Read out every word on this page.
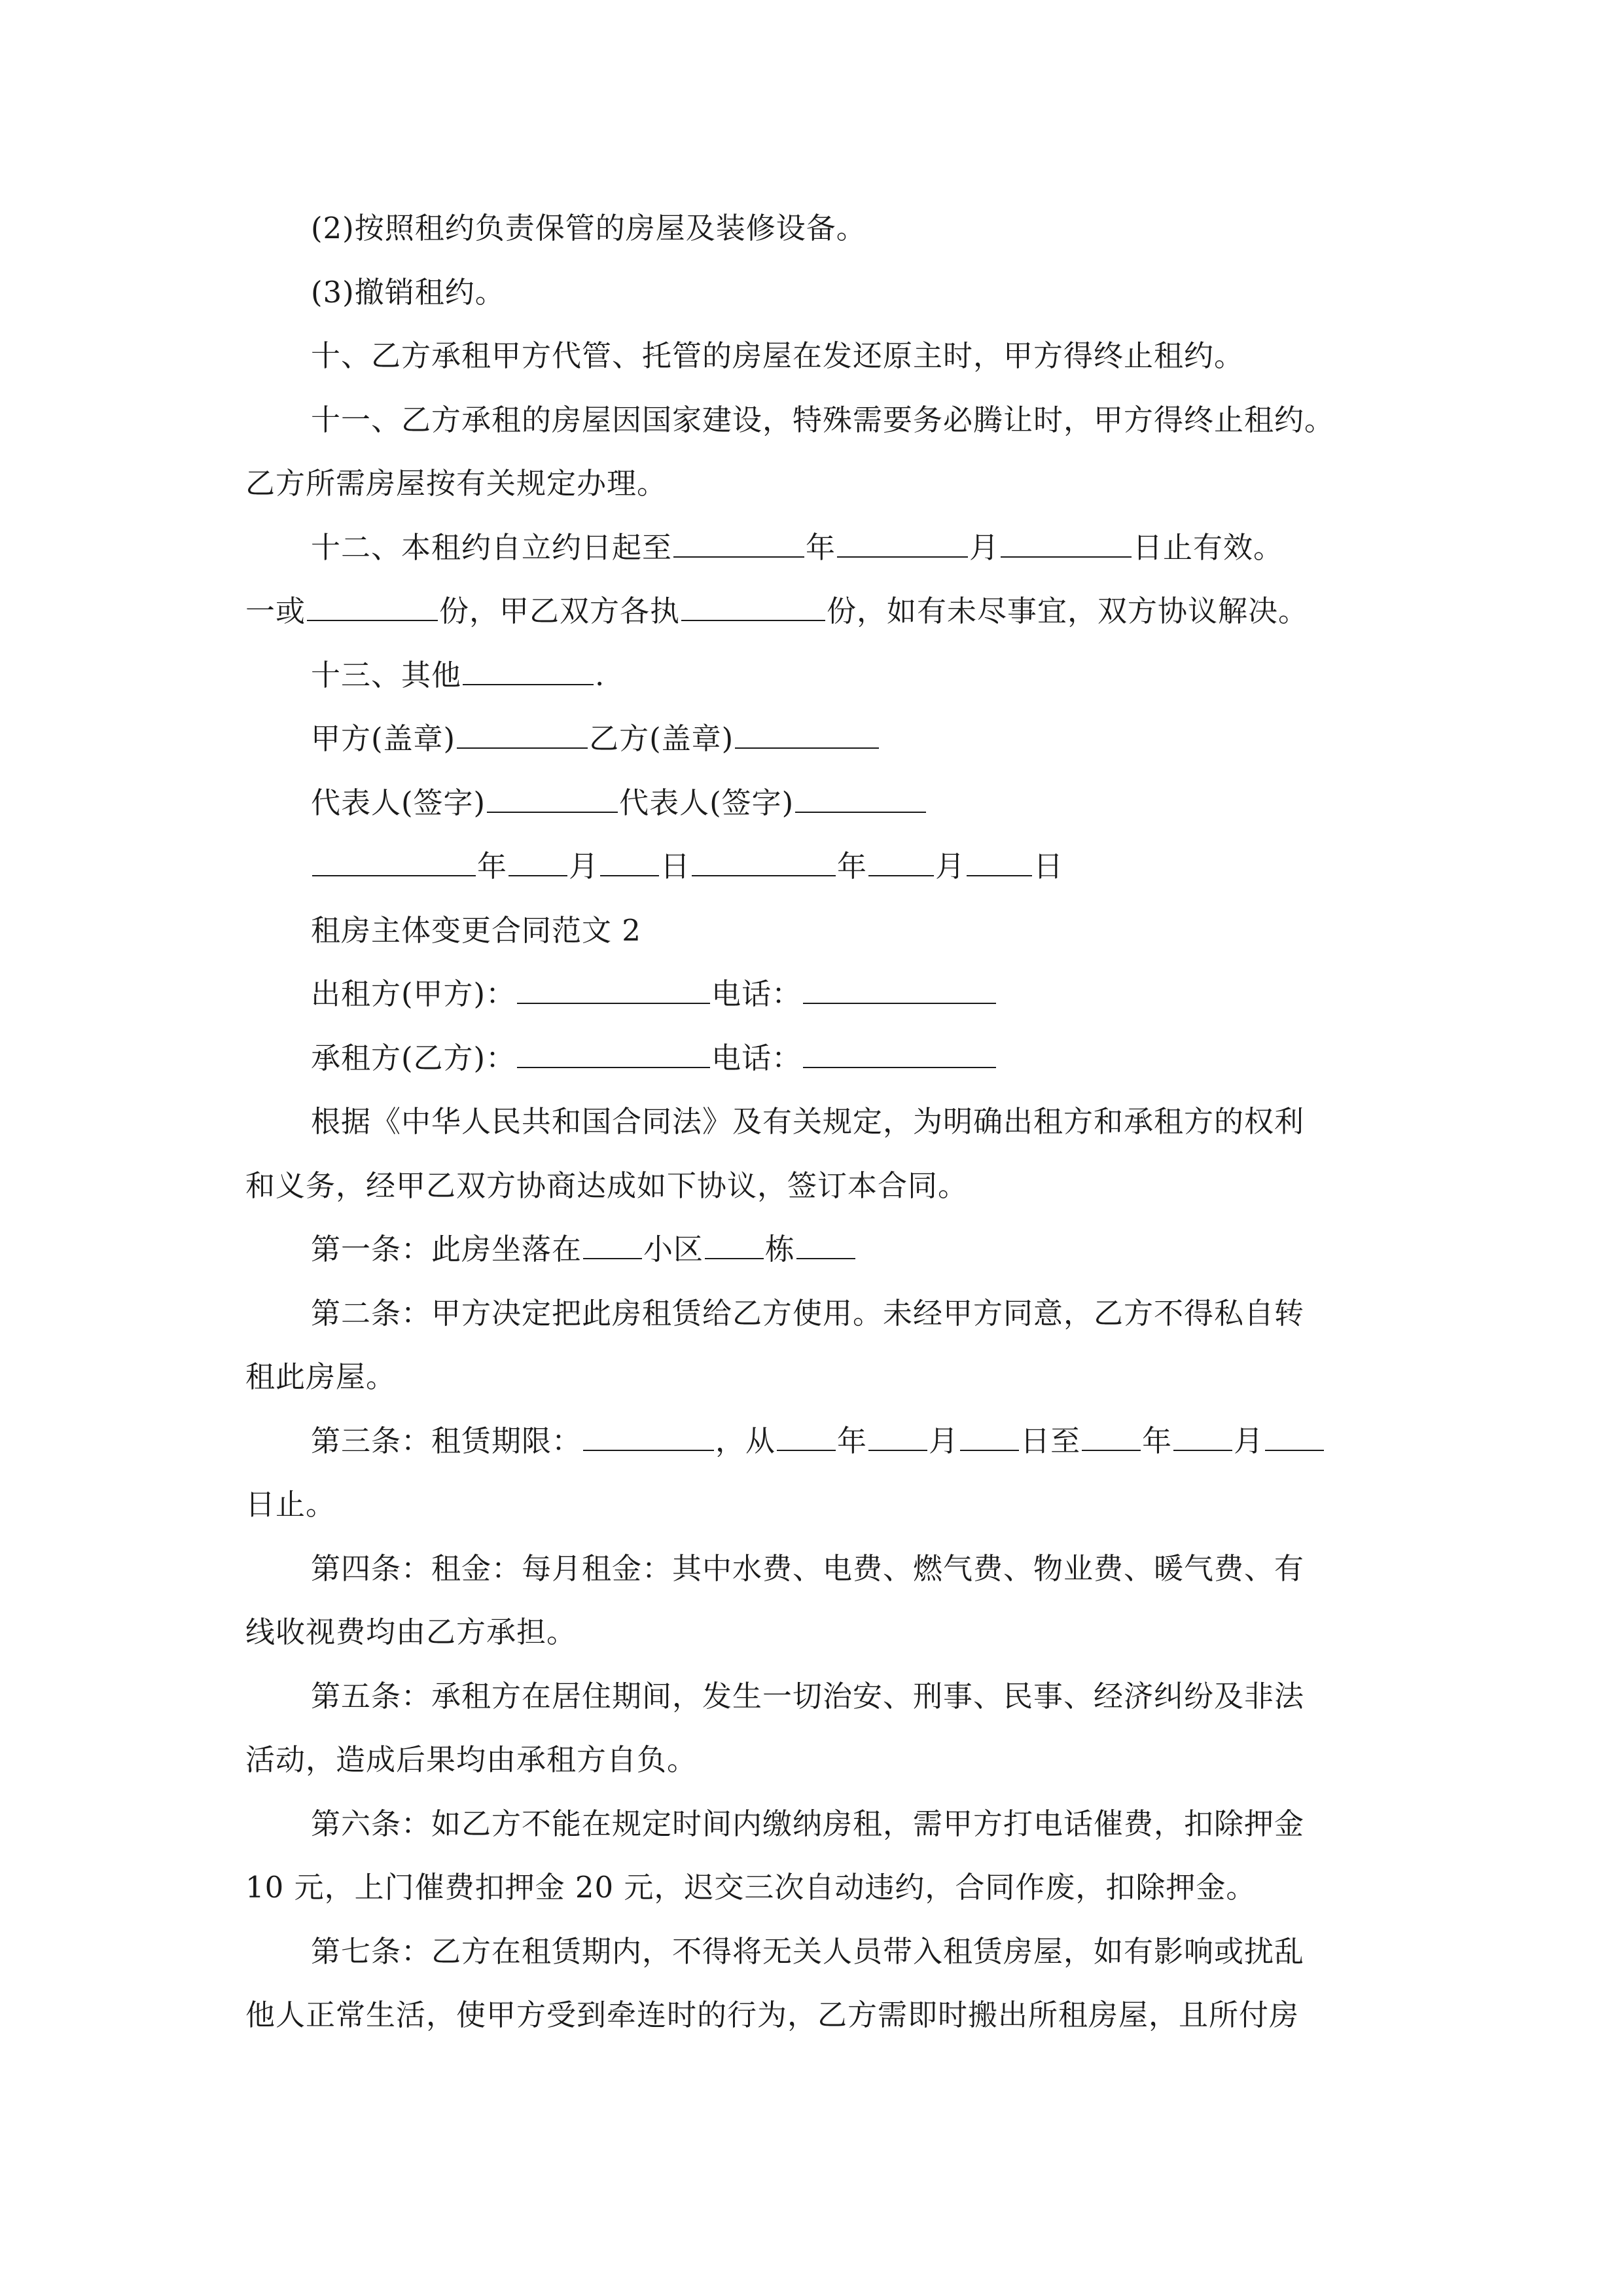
(2)按照租约负责保管的房屋及装修设备。
(3)撤销租约。
十、乙方承租甲方代管、托管的房屋在发还原主时，甲方得终止租约。
十一、乙方承租的房屋因国家建设，特殊需要务必腾让时，甲方得终止租约。
乙方所需房屋按有关规定办理。
十二、本租约自立约日起至	年	月	日止有效。
一或	份，甲乙双方各执	份，如有未尽事宜，双方协议解决。
十三、其他	.
甲方(盖章)	乙方(盖章)
代表人(签字)	代表人(签字)
年 月 日	年 月 日
租房主体变更合同范文 2
出租方(甲方)：	电话：
承租方(乙方)：	电话：
根据《中华人民共和国合同法》及有关规定，为明确出租方和承租方的权利
和义务，经甲乙双方协商达成如下协议，签订本合同。
第一条：此房坐落在 小区 栋
第二条：甲方决定把此房租赁给乙方使用。未经甲方同意，乙方不得私自转
租此房屋。
第三条：租赁期限：	，从 年 月 日至 年 月
日止。
第四条：租金：每月租金：其中水费、电费、燃气费、物业费、暖气费、有
线收视费均由乙方承担。
第五条：承租方在居住期间，发生一切治安、刑事、民事、经济纠纷及非法
活动，造成后果均由承租方自负。
第六条：如乙方不能在规定时间内缴纳房租，需甲方打电话催费，扣除押金
10 元，上门催费扣押金 20 元，迟交三次自动违约，合同作废，扣除押金。
第七条：乙方在租赁期内，不得将无关人员带入租赁房屋，如有影响或扰乱
他人正常生活，使甲方受到牵连时的行为，乙方需即时搬出所租房屋，且所付房
